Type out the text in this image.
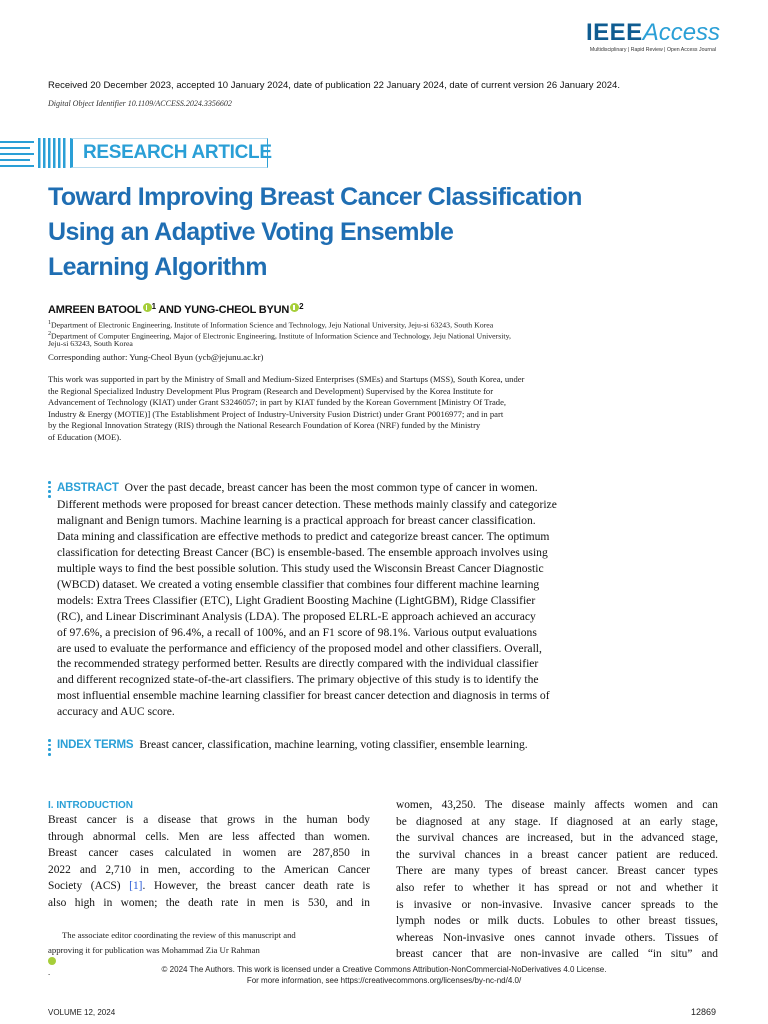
IEEEAccess
Multidisciplinary | Rapid Review | Open Access Journal
Received 20 December 2023, accepted 10 January 2024, date of publication 22 January 2024, date of current version 26 January 2024.
Digital Object Identifier 10.1109/ACCESS.2024.3356602
RESEARCH ARTICLE
Toward Improving Breast Cancer Classification
Using an Adaptive Voting Ensemble
Learning Algorithm
AMREEN BATOOL $^1$ AND YUNG-CHEOL BYUN $^2$
$^1$Department of Electronic Engineering, Institute of Information Science and Technology, Jeju National University, Jeju-si 63243, South Korea
$^2$Department of Computer Engineering, Major of Electronic Engineering, Institute of Information Science and Technology, Jeju National University,
Jeju-si 63243, South Korea
Corresponding author: Yung-Cheol Byun (ycb@jejunu.ac.kr)
This work was supported in part by the Ministry of Small and Medium-Sized Enterprises (SMEs) and Startups (MSS), South Korea, under
the Regional Specialized Industry Development Plus Program (Research and Development) Supervised by the Korea Institute for
Advancement of Technology (KIAT) under Grant S3246057; in part by KIAT funded by the Korean Government [Ministry Of Trade,
Industry & Energy (MOTIE)] (The Establishment Project of Industry-University Fusion District) under Grant P0016977; and in part
by the Regional Innovation Strategy (RIS) through the National Research Foundation of Korea (NRF) funded by the Ministry
of Education (MOE).
ABSTRACT Over the past decade, breast cancer has been the most common type of cancer in women.
Different methods were proposed for breast cancer detection. These methods mainly classify and categorize
malignant and Benign tumors. Machine learning is a practical approach for breast cancer classification.
Data mining and classification are effective methods to predict and categorize breast cancer. The optimum
classification for detecting Breast Cancer (BC) is ensemble-based. The ensemble approach involves using
multiple ways to find the best possible solution. This study used the Wisconsin Breast Cancer Diagnostic
(WBCD) dataset. We created a voting ensemble classifier that combines four different machine learning
models: Extra Trees Classifier (ETC), Light Gradient Boosting Machine (LightGBM), Ridge Classifier
(RC), and Linear Discriminant Analysis (LDA). The proposed ELRL-E approach achieved an accuracy
of 97.6%, a precision of 96.4%, a recall of 100%, and an F1 score of 98.1%. Various output evaluations
are used to evaluate the performance and efficiency of the proposed model and other classifiers. Overall,
the recommended strategy performed better. Results are directly compared with the individual classifier
and different recognized state-of-the-art classifiers. The primary objective of this study is to identify the
most influential ensemble machine learning classifier for breast cancer detection and diagnosis in terms of
accuracy and AUC score.
INDEX TERMS Breast cancer, classification, machine learning, voting classifier, ensemble learning.
I. INTRODUCTION
Breast cancer is a disease that grows in the human body
through abnormal cells. Men are less affected than women.
Breast cancer cases calculated in women are 287,850 in
2022 and 2,710 in men, according to the American Cancer
Society (ACS) [1]. However, the breast cancer death rate is
also high in women; the death rate in men is 530, and in
women, 43,250. The disease mainly affects women and can
be diagnosed at any stage. If diagnosed at an early stage,
the survival chances are increased, but in the advanced stage,
the survival chances in a breast cancer patient are reduced.
There are many types of breast cancer. Breast cancer types
also refer to whether it has spread or not and whether it
is invasive or non-invasive. Invasive cancer spreads to the
lymph nodes or milk ducts. Lobules to other breast tissues,
whereas Non-invasive ones cannot invade others. Tissues of
breast cancer that are non-invasive are called “in situ” and
The associate editor coordinating the review of this manuscript and
approving it for publication was Mohammad Zia Ur Rahman
.	© 2024 The Authors. This work is licensed under a Creative Commons Attribution-NonCommercial-NoDerivatives 4.0 License.
For more information, see https://creativecommons.org/licenses/by-nc-nd/4.0/
VOLUME 12, 2024	12869
